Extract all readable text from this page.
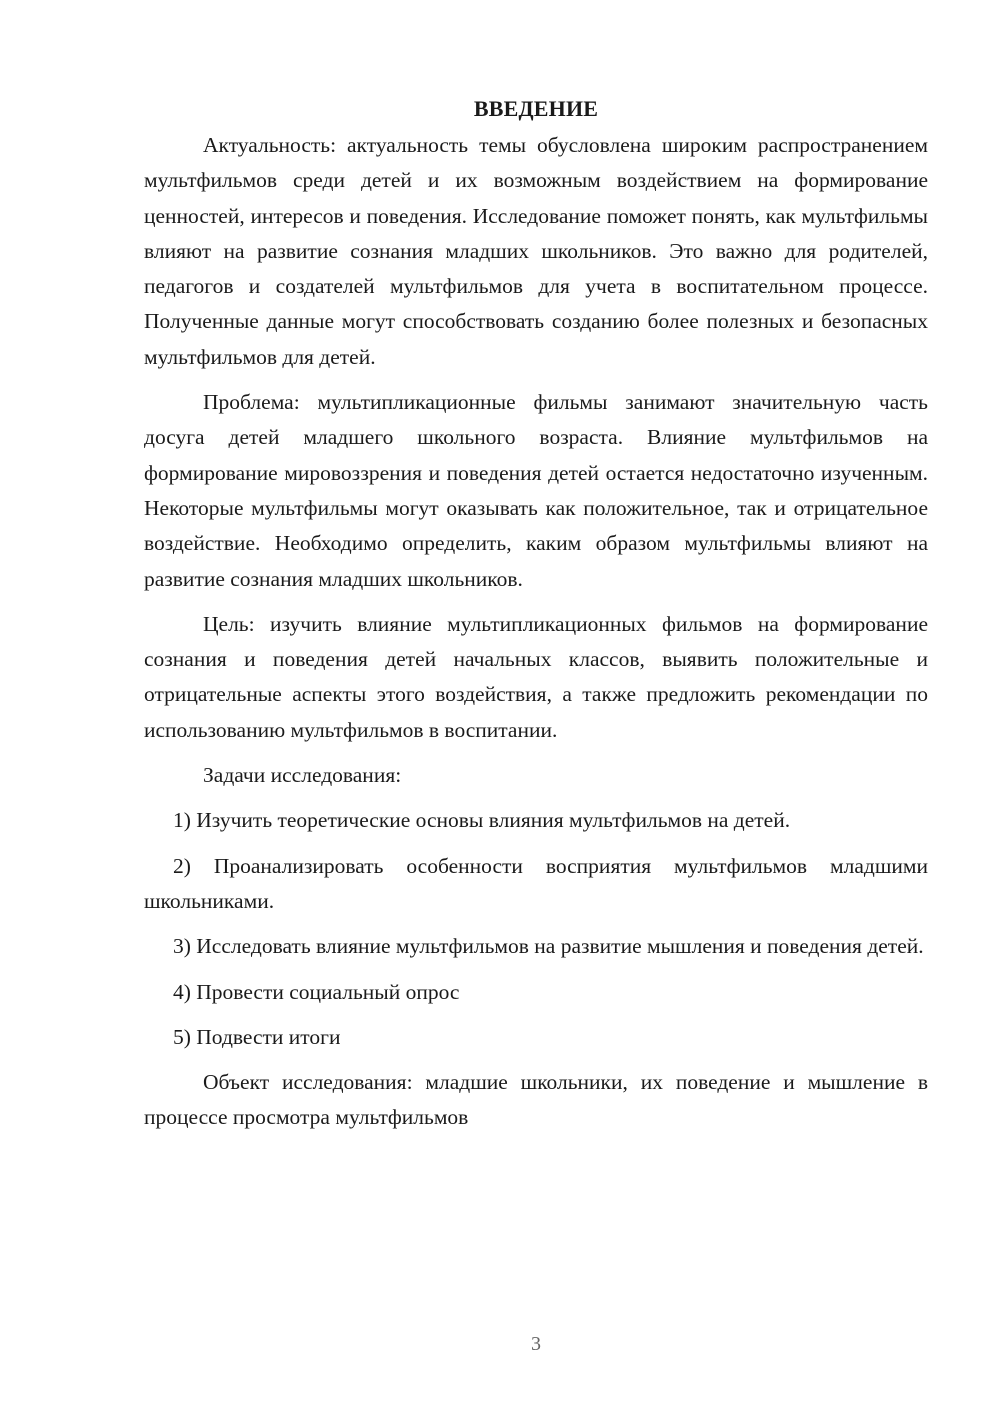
ВВЕДЕНИЕ

Актуальность: актуальность темы обусловлена широким распространением мультфильмов среди детей и их возможным воздействием на формирование ценностей, интересов и поведения. Исследование поможет понять, как мультфильмы влияют на развитие сознания младших школьников. Это важно для родителей, педагогов и создателей мультфильмов для учета в воспитательном процессе. Полученные данные могут способствовать созданию более полезных и безопасных мультфильмов для детей.

Проблема: мультипликационные фильмы занимают значительную часть досуга детей младшего школьного возраста. Влияние мультфильмов на формирование мировоззрения и поведения детей остается недостаточно изученным. Некоторые мультфильмы могут оказывать как положительное, так и отрицательное воздействие. Необходимо определить, каким образом мультфильмы влияют на развитие сознания младших школьников.

Цель: изучить влияние мультипликационных фильмов на формирование сознания и поведения детей начальных классов, выявить положительные и отрицательные аспекты этого воздействия, а также предложить рекомендации по использованию мультфильмов в воспитании.

Задачи исследования:

1) Изучить теоретические основы влияния мультфильмов на детей.

2) Проанализировать особенности восприятия мультфильмов младшими школьниками.

3) Исследовать влияние мультфильмов на развитие мышления и поведения детей.

4) Провести социальный опрос

5) Подвести итоги

Объект исследования: младшие школьники, их поведение и мышление в процессе просмотра мультфильмов

3
